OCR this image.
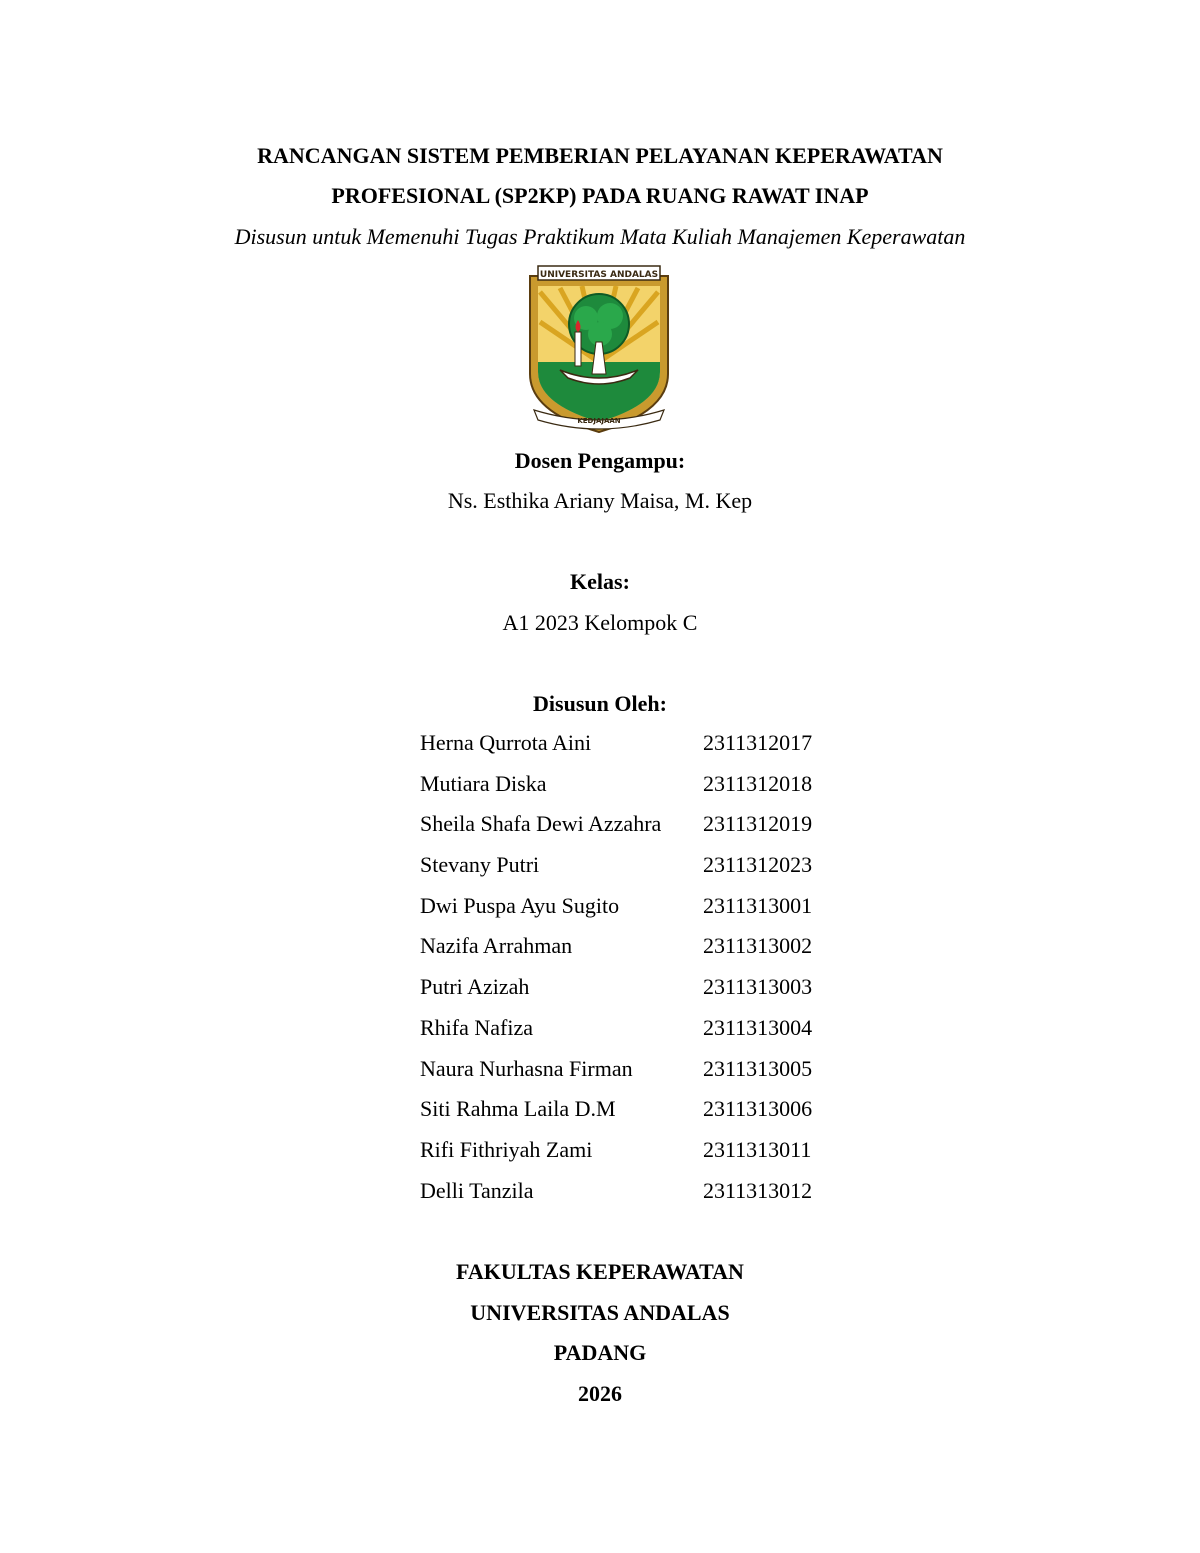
RANCANGAN SISTEM PEMBERIAN PELAYANAN KEPERAWATAN
PROFESIONAL (SP2KP) PADA RUANG RAWAT INAP
Disusun untuk Memenuhi Tugas Praktikum Mata Kuliah Manajemen Keperawatan
UNIVERSITAS ANDALAS
KEDJAJAAN
Dosen Pengampu:
Ns. Esthika Ariany Maisa, M. Kep
Kelas:
A1 2023 Kelompok C
Disusun Oleh:
Herna Qurrota Aini	2311312017
Mutiara Diska	2311312018
Sheila Shafa Dewi Azzahra 2311312019
Stevany Putri	2311312023
Dwi Puspa Ayu Sugito	2311313001
Nazifa Arrahman	2311313002
Putri Azizah	2311313003
Rhifa Nafiza	2311313004
Naura Nurhasna Firman	2311313005
Siti Rahma Laila D.M	2311313006
Rifi Fithriyah Zami	2311313011
Delli Tanzila	2311313012
FAKULTAS KEPERAWATAN
UNIVERSITAS ANDALAS
PADANG
2026
